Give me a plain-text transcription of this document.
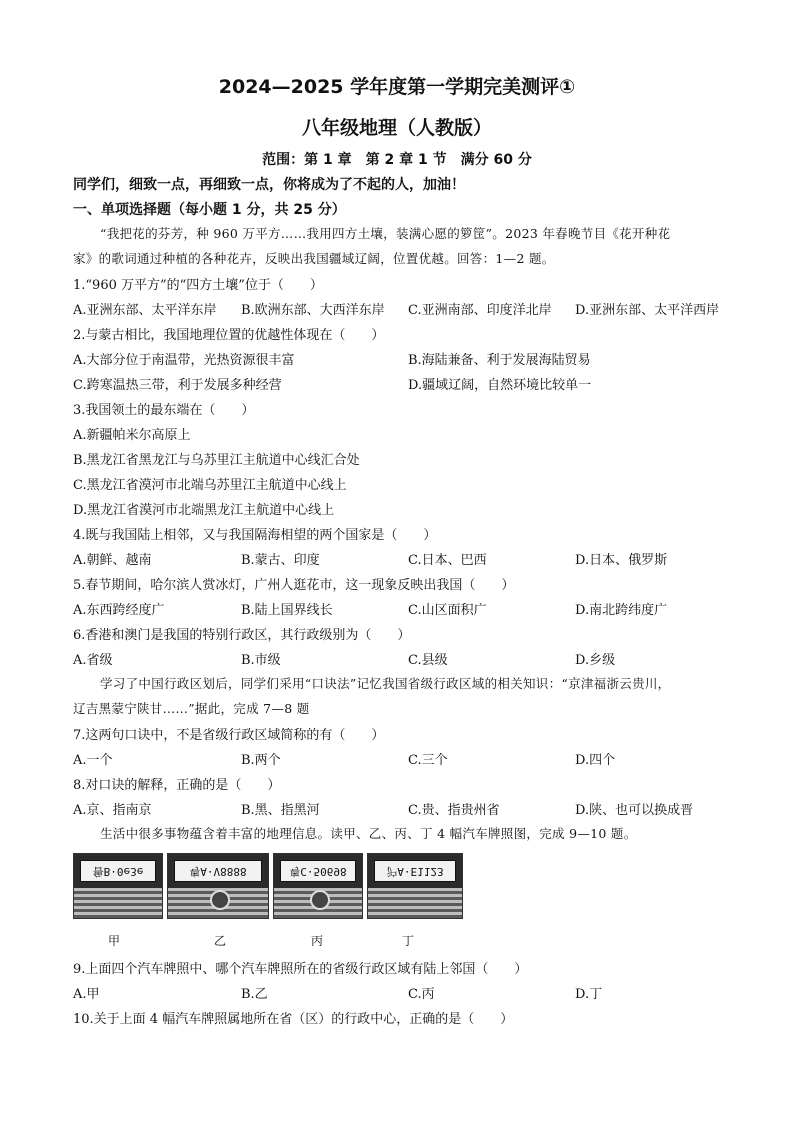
2024—2025 学年度第一学期完美测评①
八年级地理（人教版）
范围：第 1 章　第 2 章 1 节　满分 60 分
同学们，细致一点，再细致一点，你将成为了不起的人，加油！
一、单项选择题（每小题 1 分，共 25 分）
“我把花的芬芳，种 960 万平方……我用四方土壤，装满心愿的箩筐”。2023 年春晚节目《花开种花
家》的歌词通过种植的各种花卉，反映出我国疆域辽阔，位置优越。回答：1—2 题。
1.“960 万平方”的“四方土壤”位于（　　）
A.亚洲东部、太平洋东岸 B.欧洲东部、大西洋东岸 C.亚洲南部、印度洋北岸 D.亚洲东部、太平洋西岸
2.与蒙古相比，我国地理位置的优越性体现在（　　）
A.大部分位于南温带，光热资源很丰富	B.海陆兼备、利于发展海陆贸易
C.跨寒温热三带，利于发展多种经营	D.疆域辽阔，自然环境比较单一
3.我国领土的最东端在（　　）
A.新疆帕米尔高原上
B.黑龙江省黑龙江与乌苏里江主航道中心线汇合处
C.黑龙江省漠河市北端乌苏里江主航道中心线上
D.黑龙江省漠河市北端黑龙江主航道中心线上
4.既与我国陆上相邻，又与我国隔海相望的两个国家是（　　）
A.朝鲜、越南	B.蒙古、印度	C.日本、巴西	D.日本、俄罗斯
5.春节期间，哈尔滨人赏冰灯，广州人逛花市，这一现象反映出我国（　　）
A.东西跨经度广	B.陆上国界线长	C.山区面积广	D.南北跨纬度广
6.香港和澳门是我国的特别行政区，其行政级别为（　　）
A.省级	B.市级	C.县级	D.乡级
学习了中国行政区划后，同学们采用“口诀法”记忆我国省级行政区域的相关知识：“京津福浙云贵川，
辽吉黑蒙宁陕甘……”据此，完成 7—8 题
7.这两句口诀中，不是省级行政区域简称的有（　　）
A.一个	B.两个	C.三个	D.四个
8.对口诀的解释，正确的是（　　）
A.京、指南京	B.黑、指黑河	C.贵、指贵州省	D.陕、也可以换成晋
生活中很多事物蕴含着丰富的地理信息。读甲、乙、丙、丁 4 幅汽车牌照图，完成 9—10 题。
鲁B·0e3e	粤A·V8888	粤C·50698	沪A·E1123
甲	乙	丙	丁
9.上面四个汽车牌照中、哪个汽车牌照所在的省级行政区域有陆上邻国（　　）
A.甲	B.乙	C.丙	D.丁
10.关于上面 4 幅汽车牌照属地所在省（区）的行政中心，正确的是（　　）
